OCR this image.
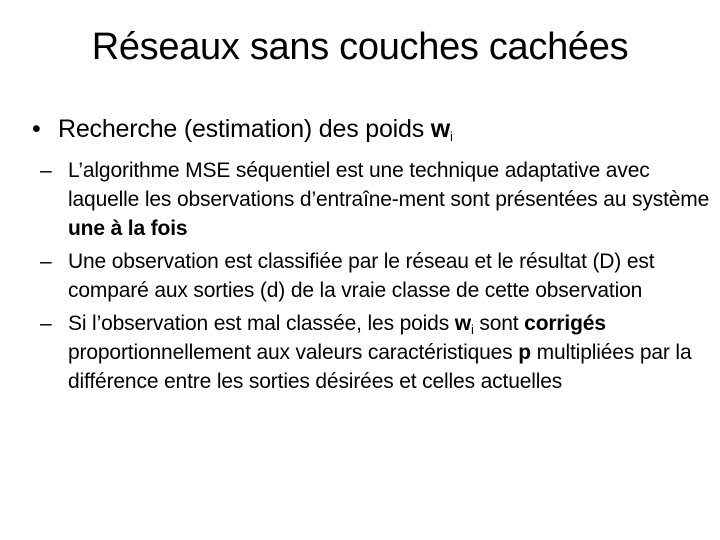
Réseaux sans couches cachées
• Recherche (estimation) des poids $w_i$
– L’algorithme MSE séquentiel est une technique adaptative avec laquelle les observations d’entraîne-ment sont présentées au système une à la fois
– Une observation est classifiée par le réseau et le résultat (D) est comparé aux sorties (d) de la vraie classe de cette observation
– Si l’observation est mal classée, les poids $w_i$ sont corrigés proportionnellement aux valeurs caractéristiques p multipliées par la différence entre les sorties désirées et celles actuelles
